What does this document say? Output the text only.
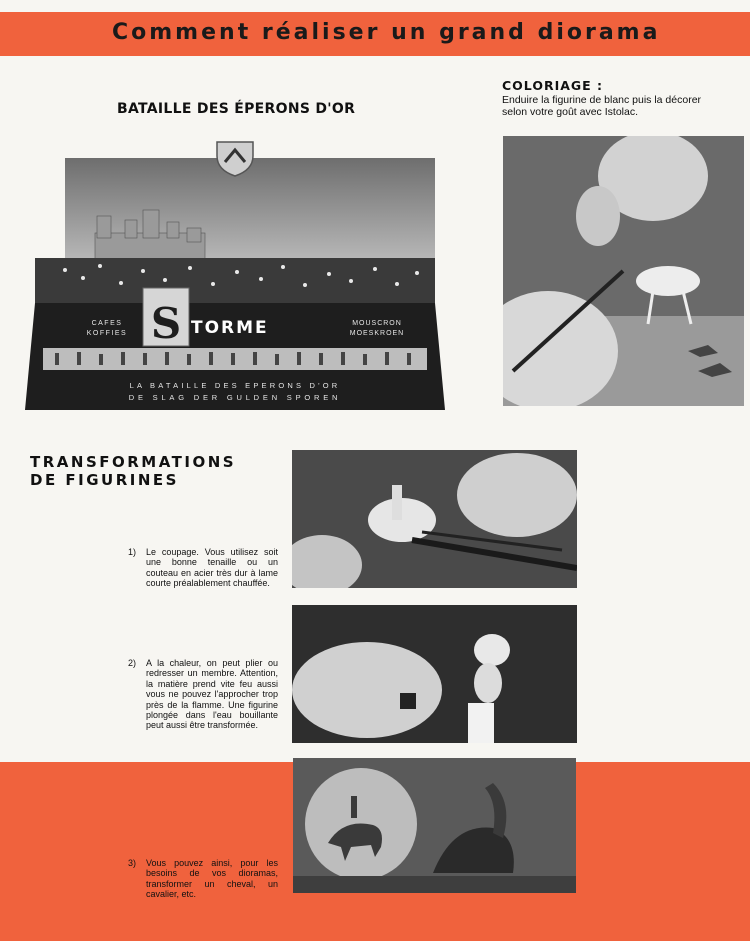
Comment réaliser un grand diorama
BATAILLE DES ÉPERONS D'OR
CAFES
KOFFIES S TORME	MOUSCRON
MOESKROEN
LA BATAILLE DES EPERONS D'OR
DE SLAG DER GULDEN SPOREN
COLORIAGE :
Enduire la figurine de blanc puis la décorer selon votre goût avec Istolac.
TRANSFORMATIONS
DE FIGURINES
1) Le coupage. Vous utilisez soit une bonne tenaille ou un couteau en acier très dur à lame courte préalablement chauffée.
2) A la chaleur, on peut plier ou redresser un membre. Attention, la matière prend vite feu aussi vous ne pouvez l'approcher trop près de la flamme. Une figurine plongée dans l'eau bouillante peut aussi être transformée.
3) Vous pouvez ainsi, pour les besoins de vos dioramas, transformer un cheval, un cavalier, etc.
